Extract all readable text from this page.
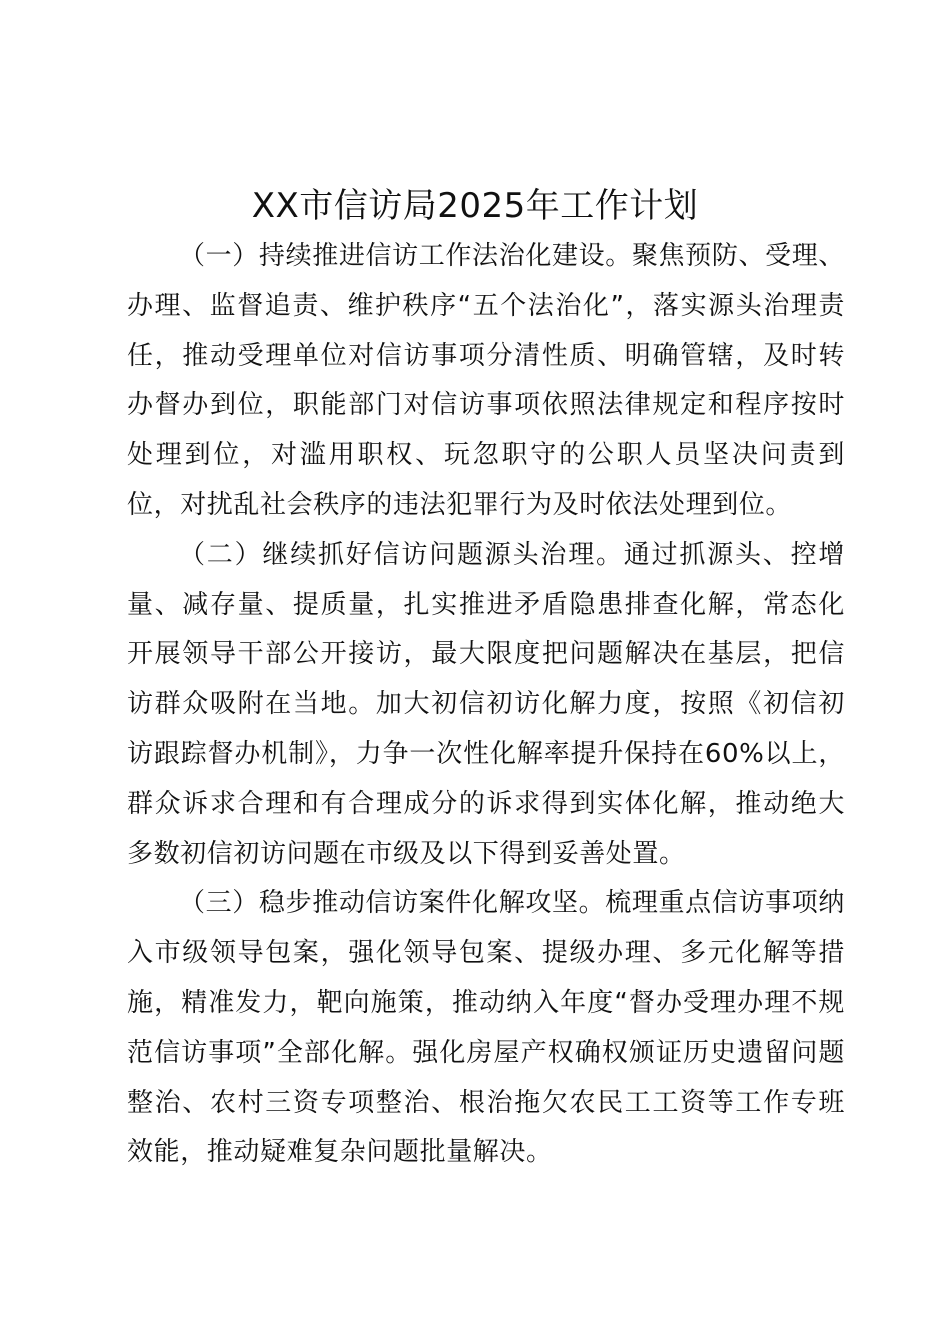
XX市信访局2025年工作计划

（一）持续推进信访工作法治化建设。聚焦预防、受理、办理、监督追责、维护秩序“五个法治化”，落实源头治理责任，推动受理单位对信访事项分清性质、明确管辖，及时转办督办到位，职能部门对信访事项依照法律规定和程序按时处理到位，对滥用职权、玩忽职守的公职人员坚决问责到位，对扰乱社会秩序的违法犯罪行为及时依法处理到位。

（二）继续抓好信访问题源头治理。通过抓源头、控增量、减存量、提质量，扎实推进矛盾隐患排查化解，常态化开展领导干部公开接访，最大限度把问题解决在基层，把信访群众吸附在当地。加大初信初访化解力度，按照《初信初访跟踪督办机制》，力争一次性化解率提升保持在60%以上，群众诉求合理和有合理成分的诉求得到实体化解，推动绝大多数初信初访问题在市级及以下得到妥善处置。

（三）稳步推动信访案件化解攻坚。梳理重点信访事项纳入市级领导包案，强化领导包案、提级办理、多元化解等措施，精准发力，靶向施策，推动纳入年度“督办受理办理不规范信访事项”全部化解。强化房屋产权确权颁证历史遗留问题整治、农村三资专项整治、根治拖欠农民工工资等工作专班效能，推动疑难复杂问题批量解决。
